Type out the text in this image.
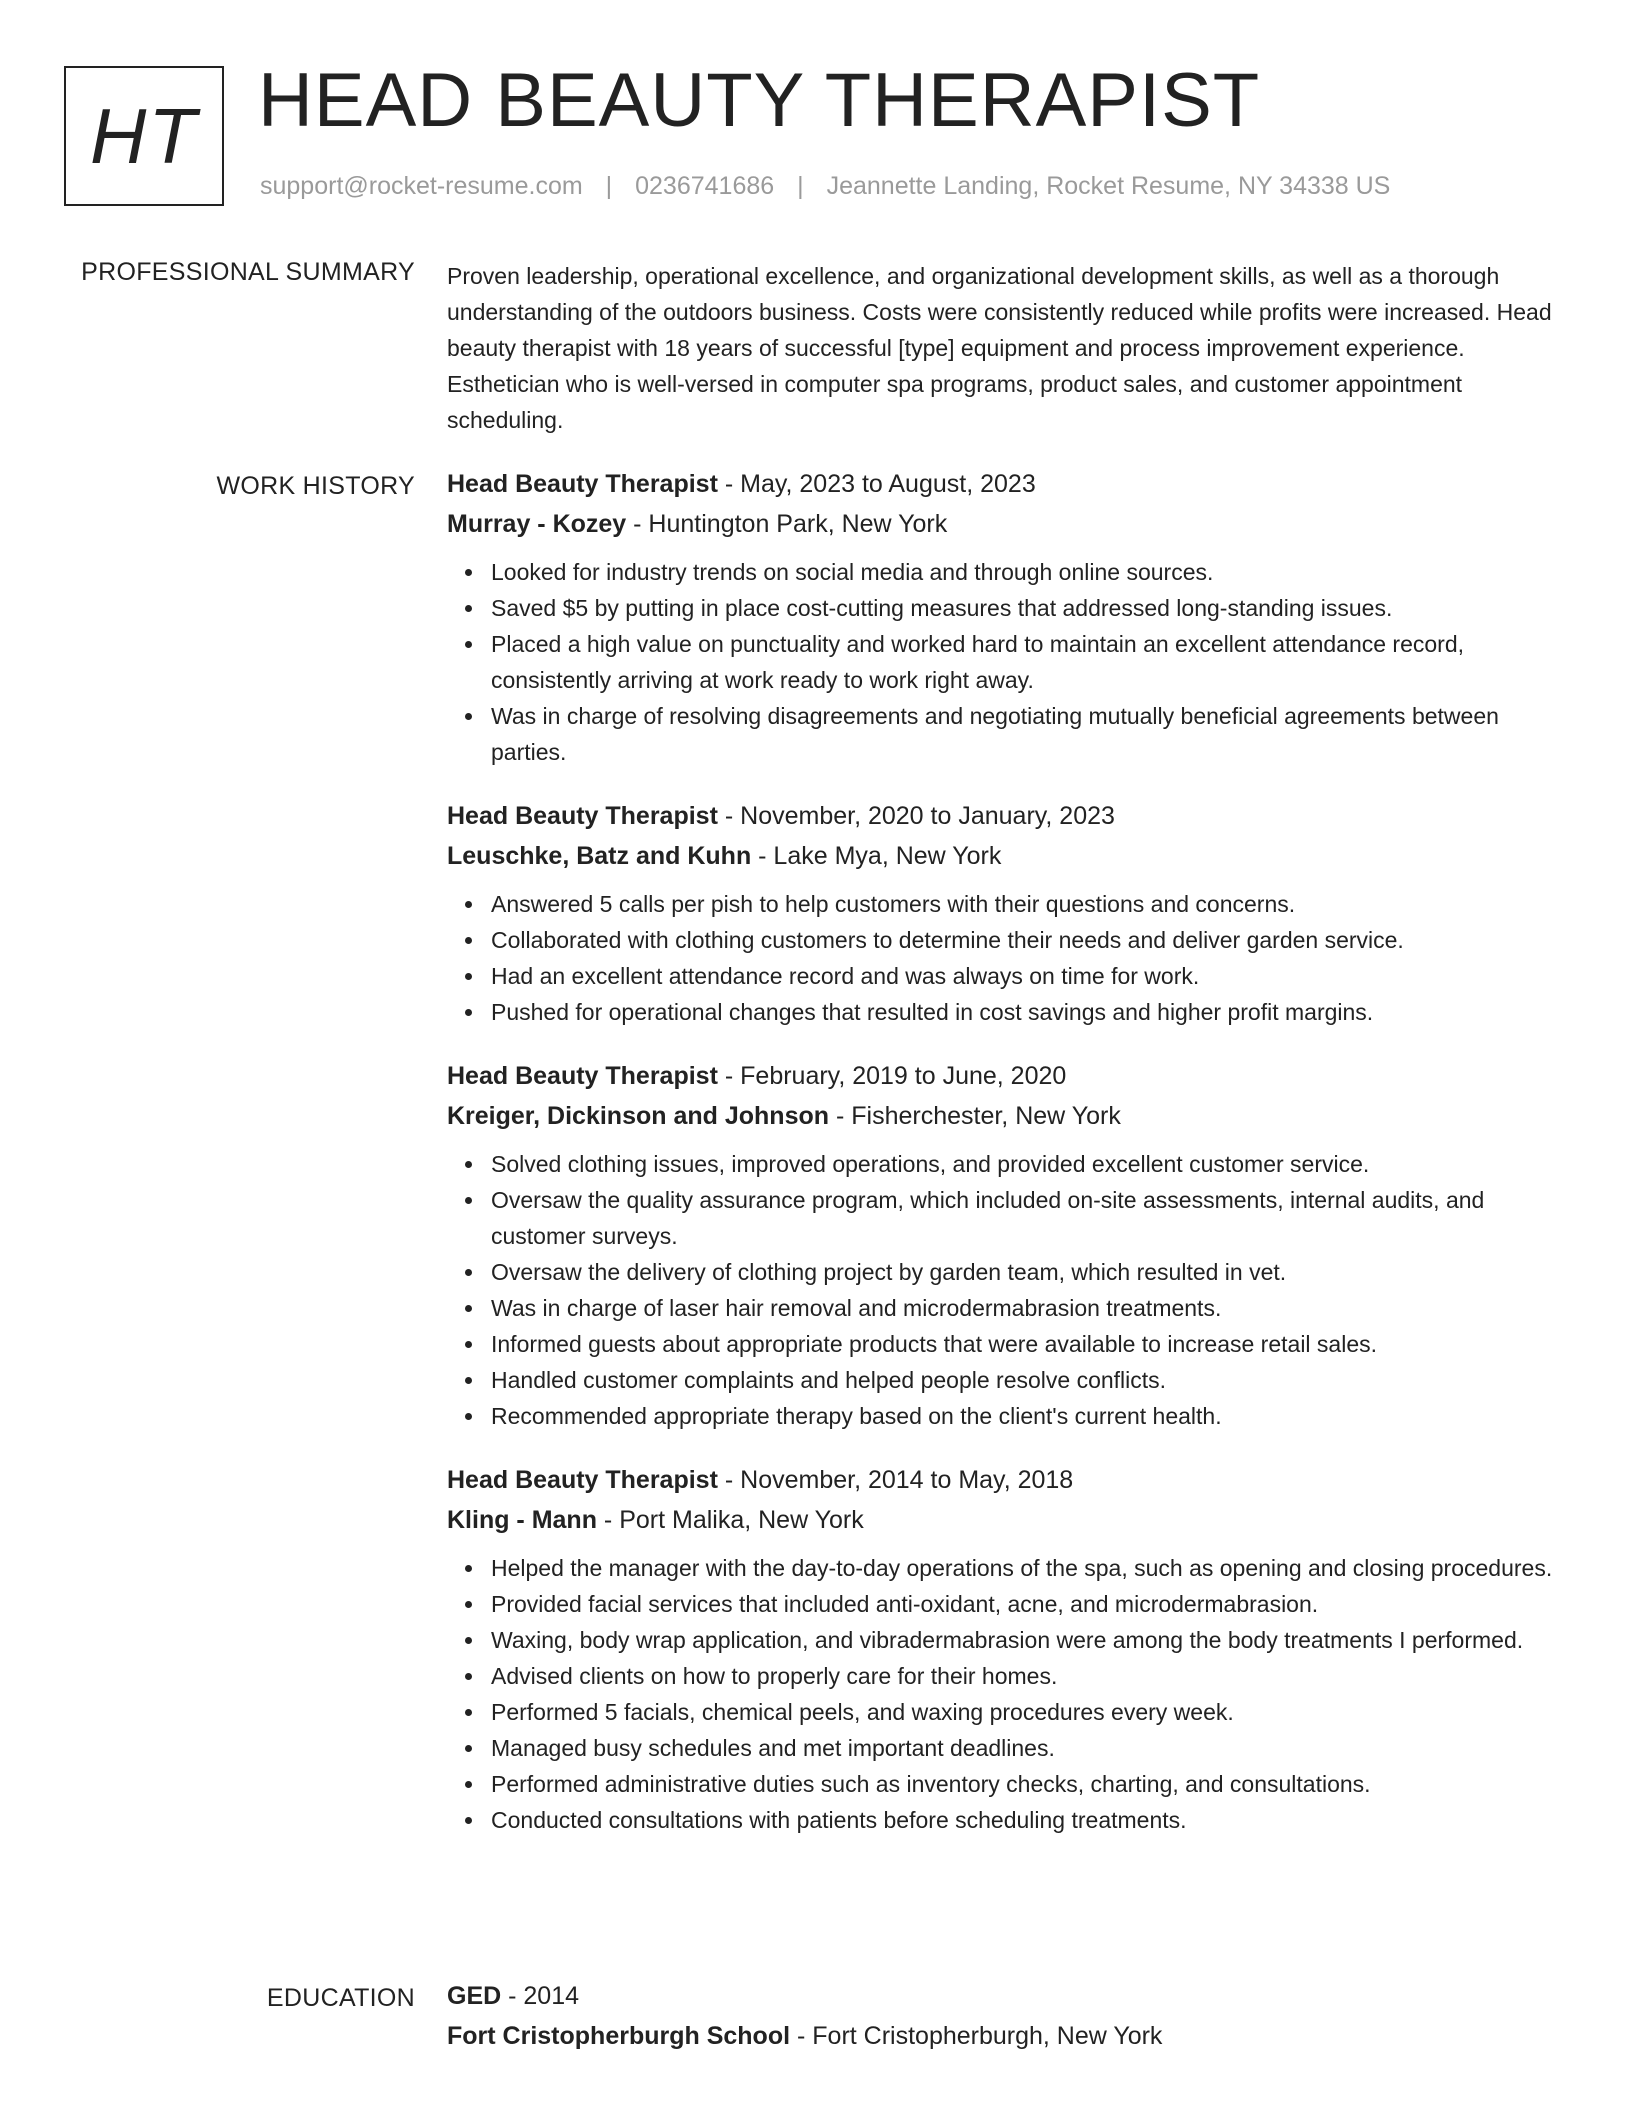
HT HEAD BEAUTY THERAPIST
support@rocket-resume.com | 0236741686 | Jeannette Landing, Rocket Resume, NY 34338 US
PROFESSIONAL SUMMARY Proven leadership, operational excellence, and organizational development skills, as well as a thorough understanding of the outdoors business. Costs were consistently reduced while profits were increased. Head beauty therapist with 18 years of successful [type] equipment and process improvement experience. Esthetician who is well-versed in computer spa programs, product sales, and customer appointment scheduling.
WORK HISTORY Head Beauty Therapist - May, 2023 to August, 2023
Murray - Kozey - Huntington Park, New York
Looked for industry trends on social media and through online sources.
Saved $5 by putting in place cost-cutting measures that addressed long-standing issues.
Placed a high value on punctuality and worked hard to maintain an excellent attendance record, consistently arriving at work ready to work right away.
Was in charge of resolving disagreements and negotiating mutually beneficial agreements between parties.
Head Beauty Therapist - November, 2020 to January, 2023
Leuschke, Batz and Kuhn - Lake Mya, New York
Answered 5 calls per pish to help customers with their questions and concerns.
Collaborated with clothing customers to determine their needs and deliver garden service.
Had an excellent attendance record and was always on time for work.
Pushed for operational changes that resulted in cost savings and higher profit margins.
Head Beauty Therapist - February, 2019 to June, 2020
Kreiger, Dickinson and Johnson - Fisherchester, New York
Solved clothing issues, improved operations, and provided excellent customer service.
Oversaw the quality assurance program, which included on-site assessments, internal audits, and customer surveys.
Oversaw the delivery of clothing project by garden team, which resulted in vet.
Was in charge of laser hair removal and microdermabrasion treatments.
Informed guests about appropriate products that were available to increase retail sales.
Handled customer complaints and helped people resolve conflicts.
Recommended appropriate therapy based on the client's current health.
Head Beauty Therapist - November, 2014 to May, 2018
Kling - Mann - Port Malika, New York
Helped the manager with the day-to-day operations of the spa, such as opening and closing procedures.
Provided facial services that included anti-oxidant, acne, and microdermabrasion.
Waxing, body wrap application, and vibradermabrasion were among the body treatments I performed.
Advised clients on how to properly care for their homes.
Performed 5 facials, chemical peels, and waxing procedures every week.
Managed busy schedules and met important deadlines.
Performed administrative duties such as inventory checks, charting, and consultations.
Conducted consultations with patients before scheduling treatments.
EDUCATION GED - 2014
Fort Cristopherburgh School - Fort Cristopherburgh, New York
